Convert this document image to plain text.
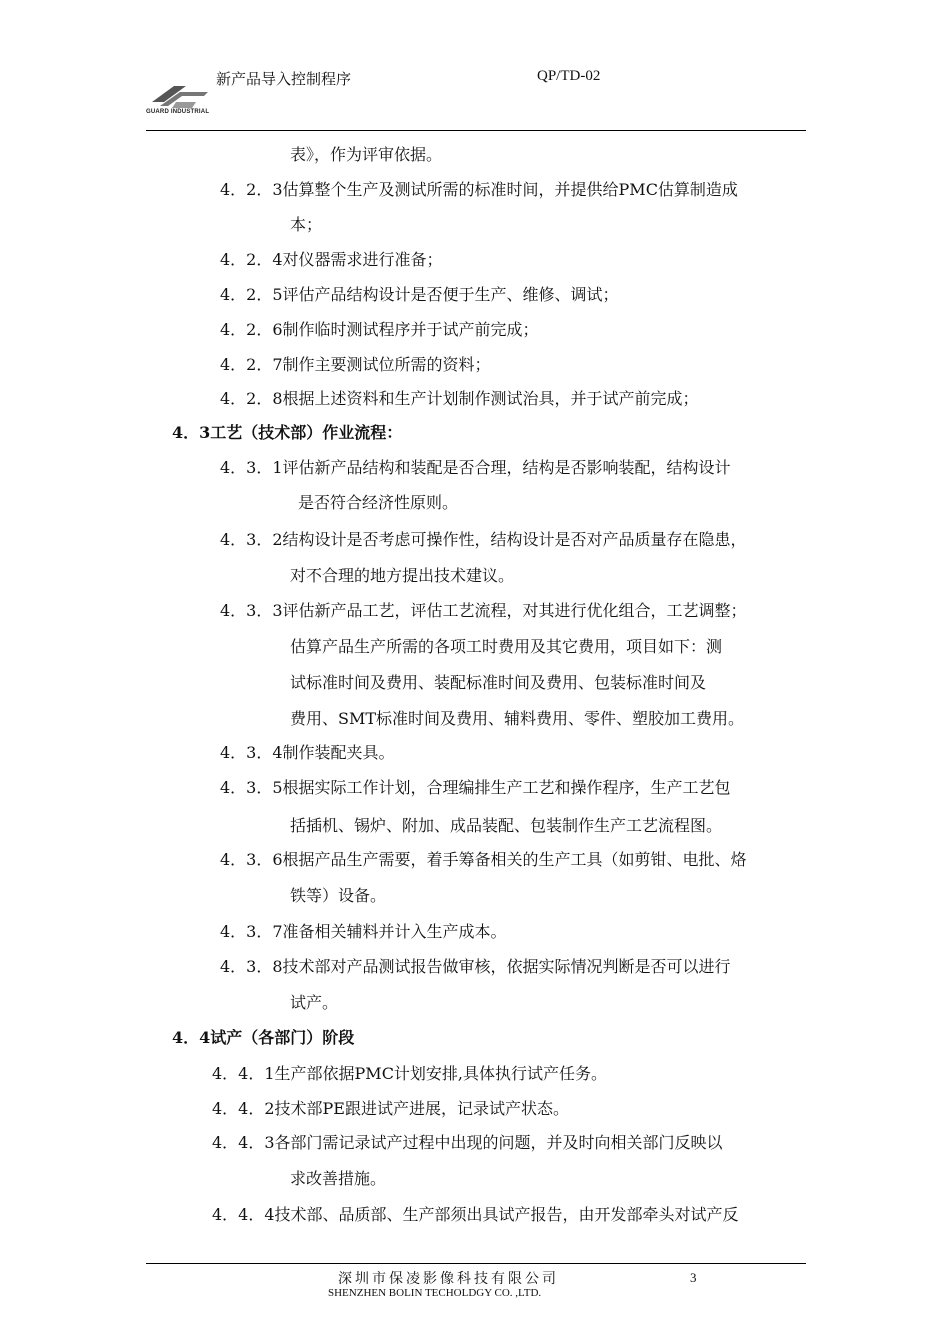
GUARD INDUSTRIAL
新产品导入控制程序	QP/TD-02
表》，作为评审依据。
4．2．3估算整个生产及测试所需的标准时间，并提供给PMC估算制造成
本；
4．2．4对仪器需求进行准备；
4．2．5评估产品结构设计是否便于生产、维修、调试；
4．2．6制作临时测试程序并于试产前完成；
4．2．7制作主要测试位所需的资料；
4．2．8根据上述资料和生产计划制作测试治具，并于试产前完成；
4．3工艺（技术部）作业流程：
4．3．1评估新产品结构和装配是否合理，结构是否影响装配，结构设计
是否符合经济性原则。
4．3．2结构设计是否考虑可操作性，结构设计是否对产品质量存在隐患，
对不合理的地方提出技术建议。
4．3．3评估新产品工艺，评估工艺流程，对其进行优化组合，工艺调整；
估算产品生产所需的各项工时费用及其它费用，项目如下：测
试标准时间及费用、装配标准时间及费用、包装标准时间及
费用、SMT标准时间及费用、辅料费用、零件、塑胶加工费用。
4．3．4制作装配夹具。
4．3．5根据实际工作计划，合理编排生产工艺和操作程序，生产工艺包
括插机、锡炉、附加、成品装配、包装制作生产工艺流程图。
4．3．6根据产品生产需要，着手筹备相关的生产工具（如剪钳、电批、烙
铁等）设备。
4．3．7准备相关辅料并计入生产成本。
4．3．8技术部对产品测试报告做审核，依据实际情况判断是否可以进行
试产。
4．4试产（各部门）阶段
4．4．1生产部依据PMC计划安排,具体执行试产任务。
4．4．2技术部PE跟进试产进展，记录试产状态。
4．4．3各部门需记录试产过程中出现的问题，并及时向相关部门反映以
求改善措施。
4．4．4技术部、品质部、生产部须出具试产报告，由开发部牵头对试产反
深圳市保凌影像科技有限公司
SHENZHEN BOLIN TECHOLDGY CO. ,LTD.
3
